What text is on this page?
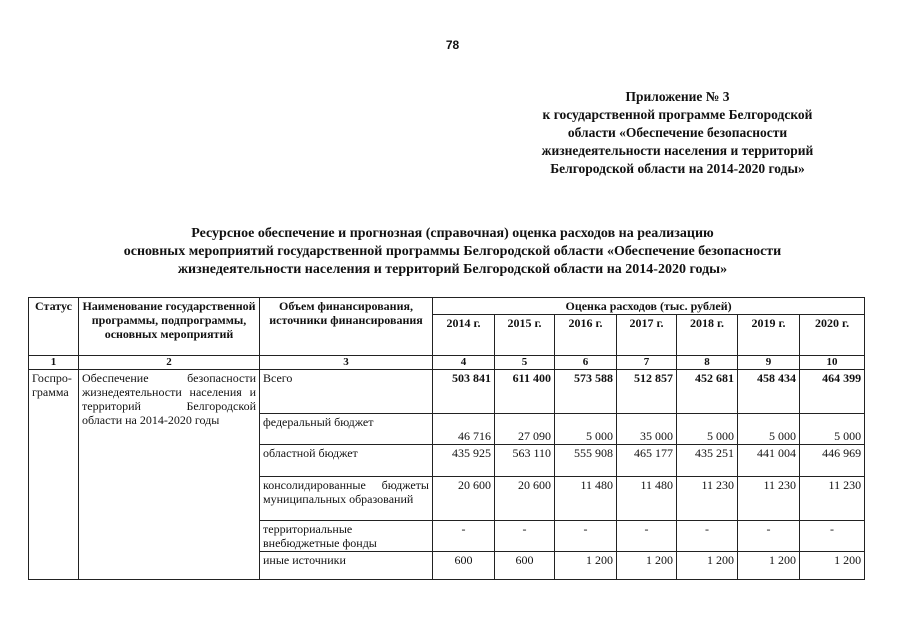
78
Приложение № 3
к государственной программе Белгородской
области «Обеспечение безопасности
жизнедеятельности населения и территорий
Белгородской области на 2014-2020 годы»
Ресурсное обеспечение и прогнозная (справочная) оценка расходов на реализацию
основных мероприятий государственной программы Белгородской области «Обеспечение безопасности
жизнедеятельности населения и территорий Белгородской области на 2014-2020 годы»
Статус	Наименование государственной программы, подпрограммы, основных мероприятий	Объем финансирования, источники финансирования	Оценка расходов (тыс. рублей)						
			2014 г.	2015 г.	2016 г.	2017 г.	2018 г.	2019 г.	2020 г.
1	2	3	4	5	6	7	8	9	10
Госпро-
грамма	Обеспечение безопасности жизнедеятельности населения и территорий Белгородской области на 2014-2020 годы	Всего	503 841	611 400	573 588	512 857	452 681	458 434	464 399
		федеральный бюджет	46 716	27 090	5 000	35 000	5 000	5 000	5 000
		областной бюджет	435 925	563 110	555 908	465 177	435 251	441 004	446 969
		консолидированные бюджеты муниципальных образований	20 600	20 600	11 480	11 480	11 230	11 230	11 230
		территориальные внебюджетные фонды	-	-	-	-	-	-	-
		иные источники	600	600	1 200	1 200	1 200	1 200	1 200
